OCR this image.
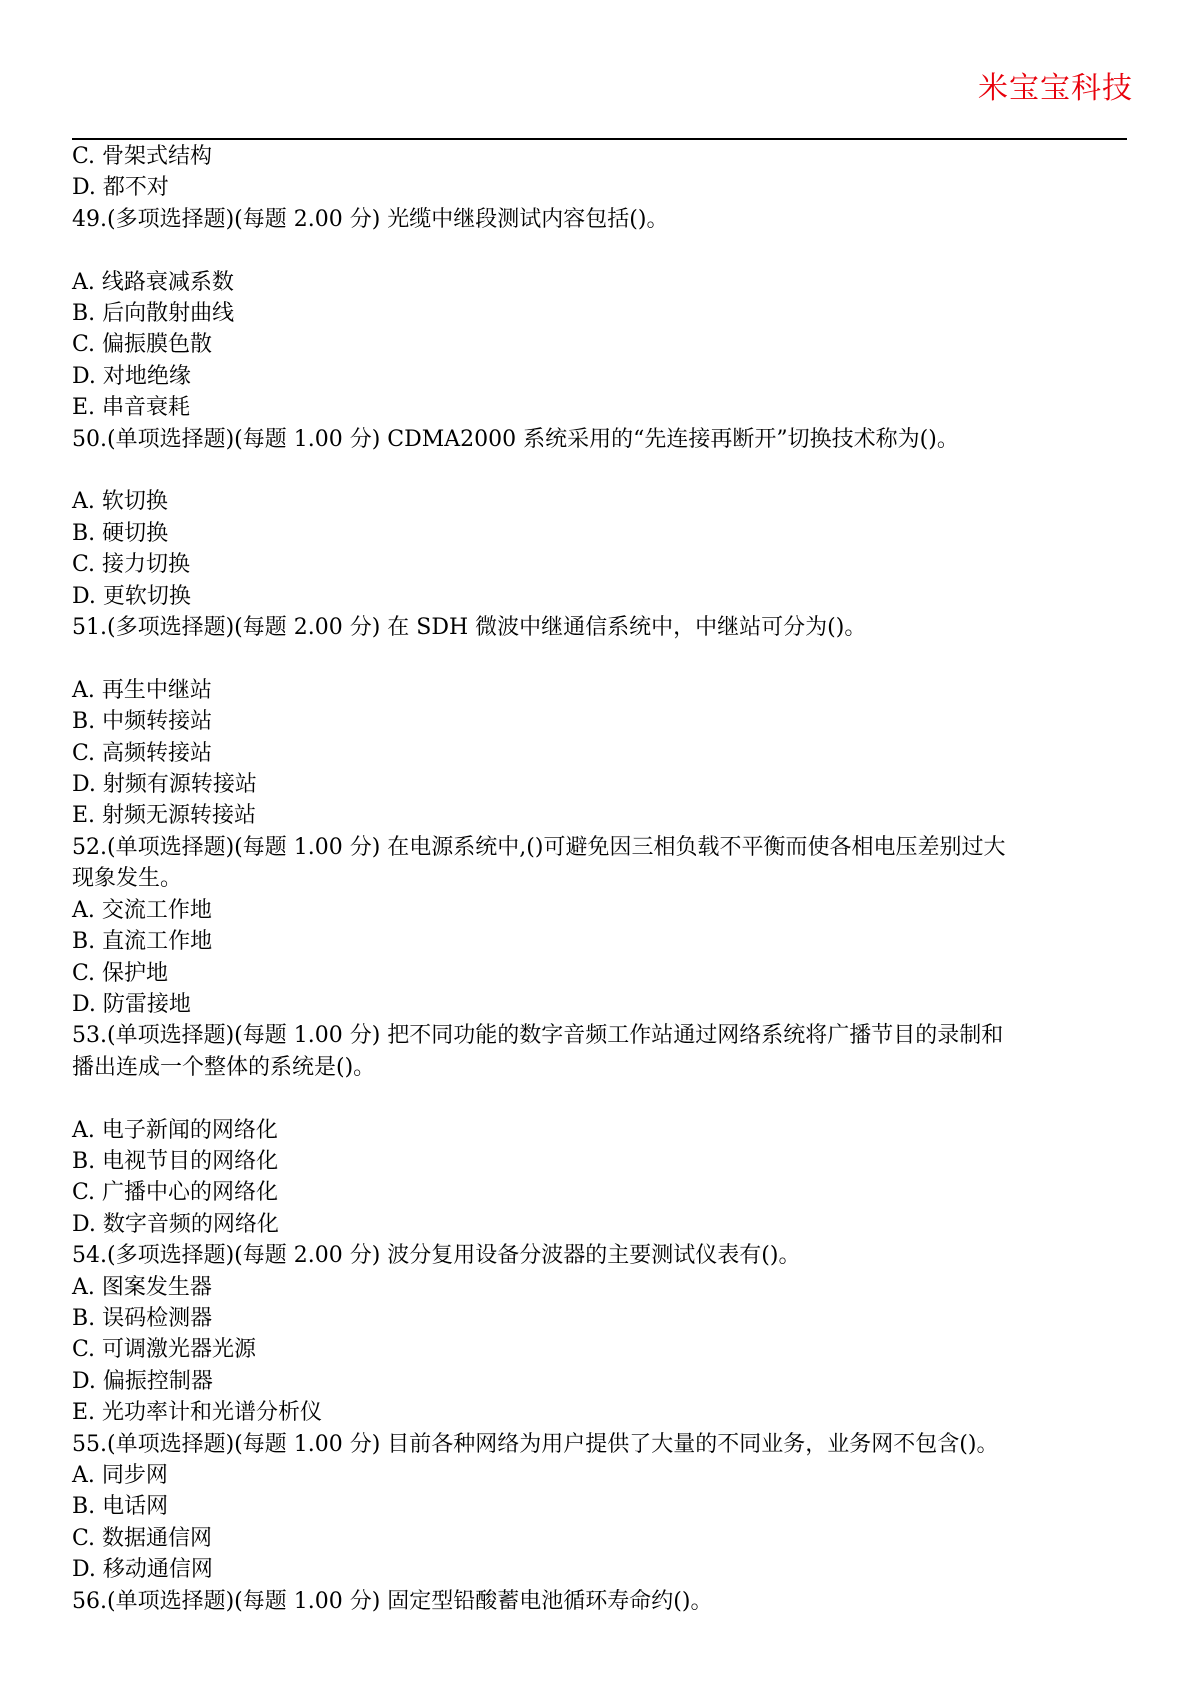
米宝宝科技

C. 骨架式结构

D. 都不对

49.(多项选择题)(每题 2.00 分) 光缆中继段测试内容包括()。

A. 线路衰减系数

B. 后向散射曲线

C. 偏振膜色散

D. 对地绝缘

E. 串音衰耗

50.(单项选择题)(每题 1.00 分) CDMA2000 系统采用的“先连接再断开”切换技术称为()。

A. 软切换

B. 硬切换

C. 接力切换

D. 更软切换

51.(多项选择题)(每题 2.00 分) 在 SDH 微波中继通信系统中，中继站可分为()。

A. 再生中继站

B. 中频转接站

C. 高频转接站

D. 射频有源转接站

E. 射频无源转接站

52.(单项选择题)(每题 1.00 分) 在电源系统中,()可避免因三相负载不平衡而使各相电压差别过大

现象发生。

A. 交流工作地

B. 直流工作地

C. 保护地

D. 防雷接地

53.(单项选择题)(每题 1.00 分) 把不同功能的数字音频工作站通过网络系统将广播节目的录制和

播出连成一个整体的系统是()。

A. 电子新闻的网络化

B. 电视节目的网络化

C. 广播中心的网络化

D. 数字音频的网络化

54.(多项选择题)(每题 2.00 分) 波分复用设备分波器的主要测试仪表有()。

A. 图案发生器

B. 误码检测器

C. 可调激光器光源

D. 偏振控制器

E. 光功率计和光谱分析仪

55.(单项选择题)(每题 1.00 分) 目前各种网络为用户提供了大量的不同业务，业务网不包含()。

A. 同步网

B. 电话网

C. 数据通信网

D. 移动通信网

56.(单项选择题)(每题 1.00 分) 固定型铅酸蓄电池循环寿命约()。
